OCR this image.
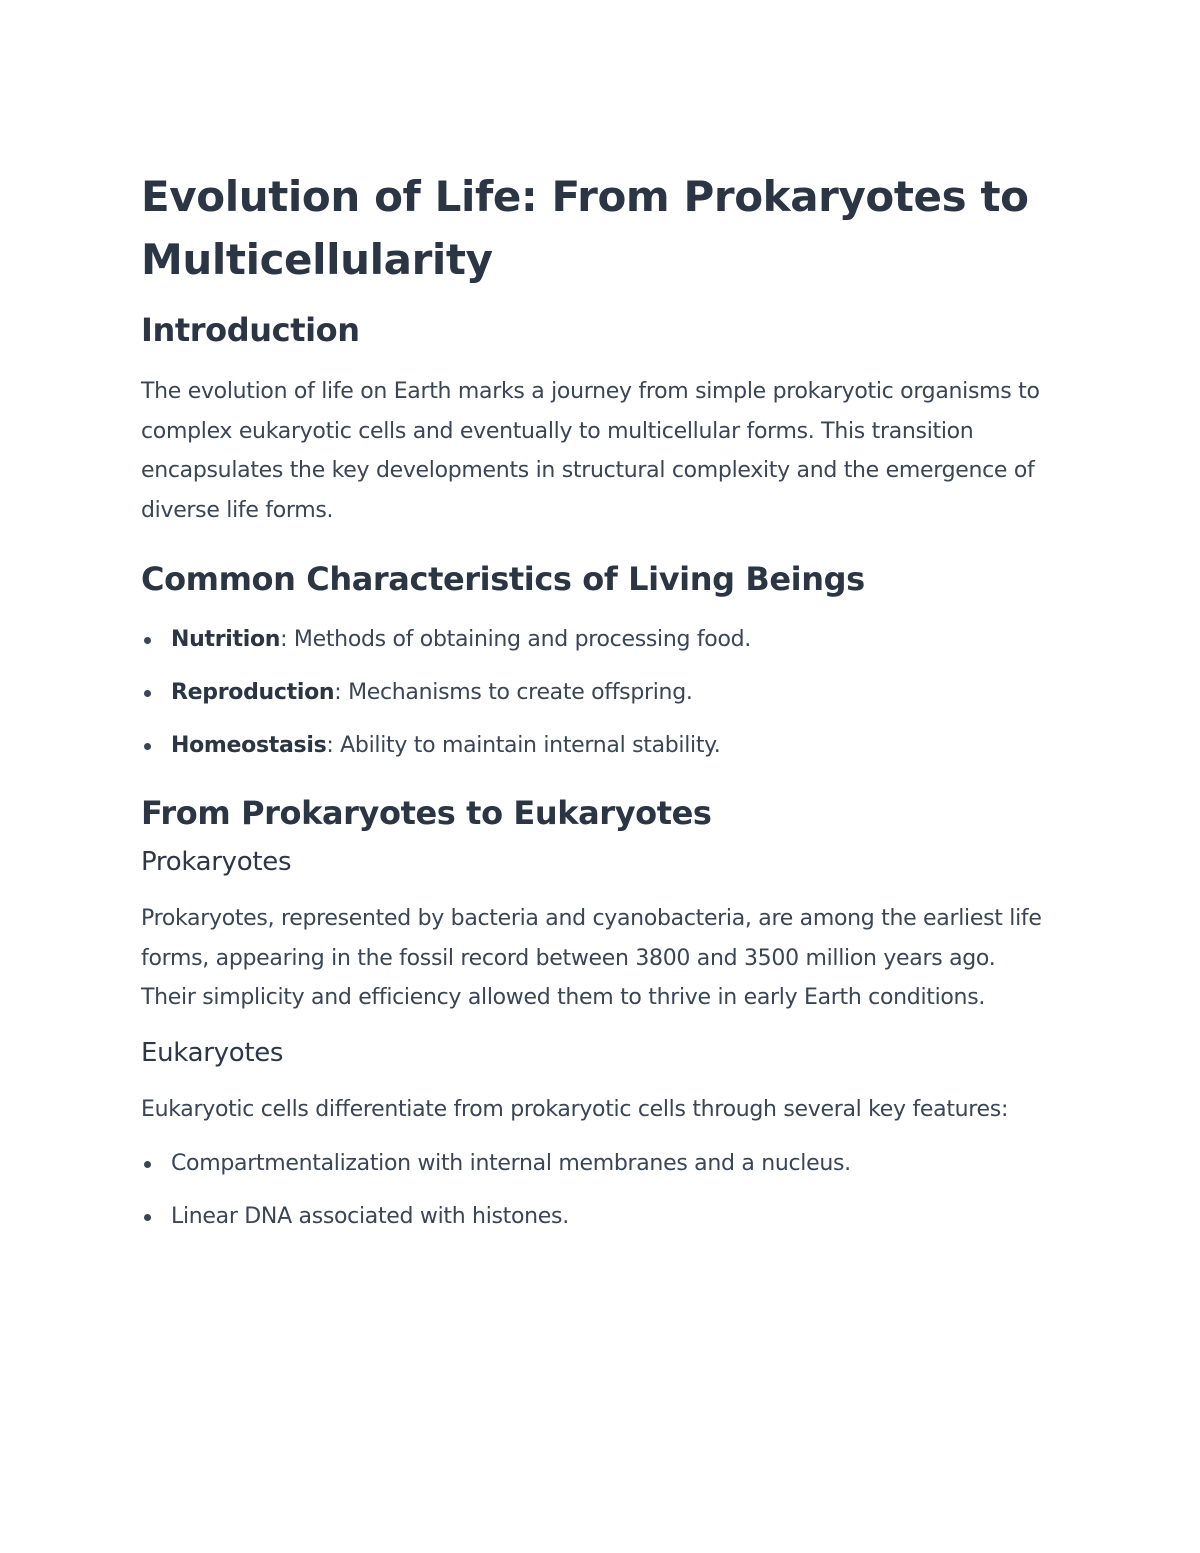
Evolution of Life: From Prokaryotes to Multicellularity
Introduction

The evolution of life on Earth marks a journey from simple prokaryotic organisms to complex eukaryotic cells and eventually to multicellular forms. This transition encapsulates the key developments in structural complexity and the emergence of diverse life forms.

Common Characteristics of Living Beings
Nutrition: Methods of obtaining and processing food.
Reproduction: Mechanisms to create offspring.
Homeostasis: Ability to maintain internal stability.
From Prokaryotes to Eukaryotes
Prokaryotes

Prokaryotes, represented by bacteria and cyanobacteria, are among the earliest life forms, appearing in the fossil record between 3800 and 3500 million years ago. Their simplicity and efficiency allowed them to thrive in early Earth conditions.

Eukaryotes

Eukaryotic cells differentiate from prokaryotic cells through several key features:

Compartmentalization with internal membranes and a nucleus.
Linear DNA associated with histones.
